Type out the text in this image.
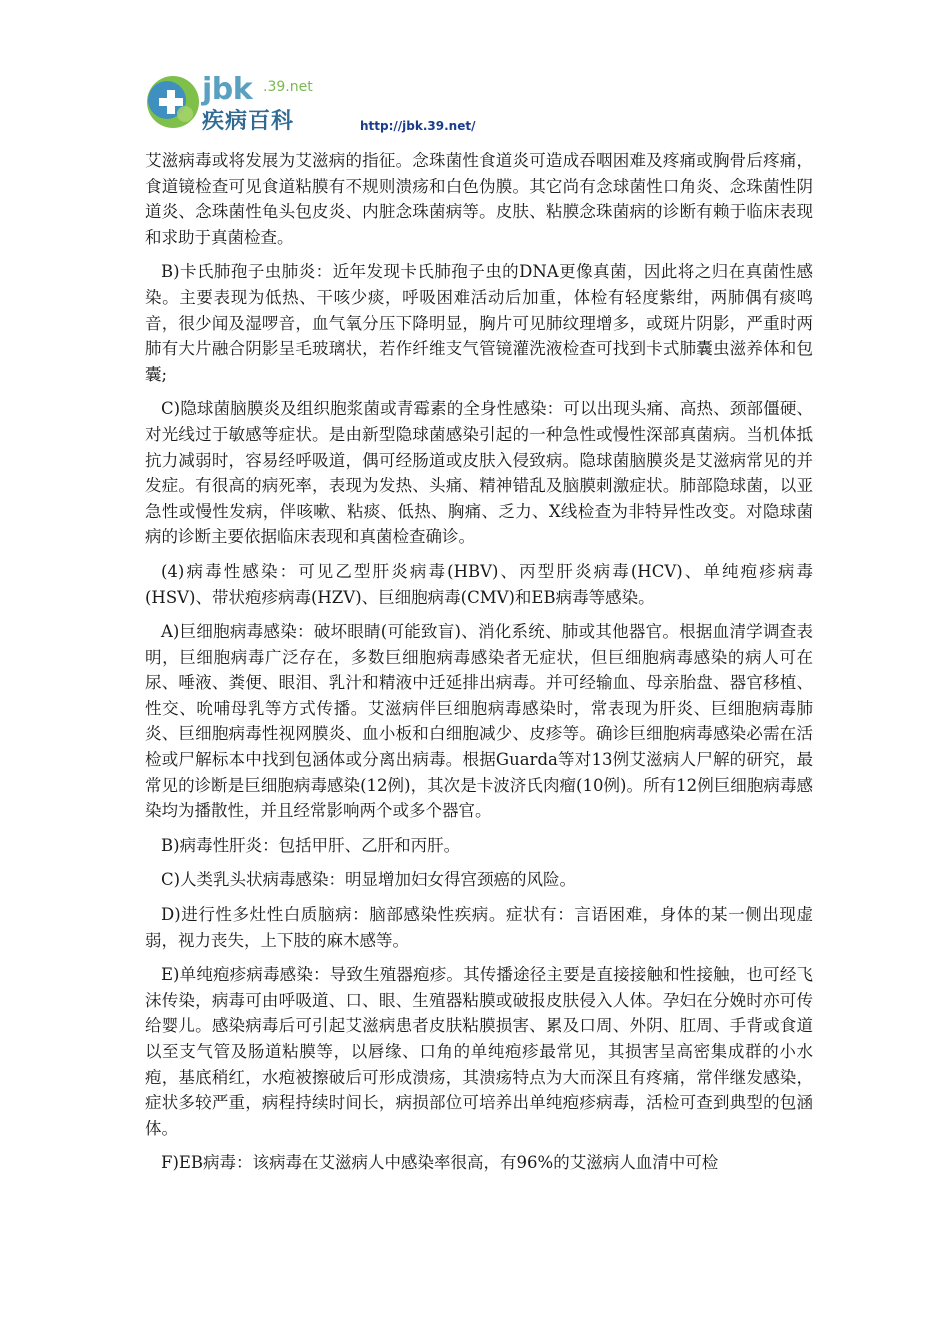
jbk .39.net
疾病百科	http://jbk.39.net/

艾滋病毒或将发展为艾滋病的指征。念珠菌性食道炎可造成吞咽困难及疼痛或胸骨后疼痛，食道镜检查可见食道粘膜有不规则溃疡和白色伪膜。其它尚有念球菌性口角炎、念珠菌性阴道炎、念珠菌性龟头包皮炎、内脏念珠菌病等。皮肤、粘膜念珠菌病的诊断有赖于临床表现和求助于真菌检查。

B)卡氏肺孢子虫肺炎：近年发现卡氏肺孢子虫的DNA更像真菌，因此将之归在真菌性感染。主要表现为低热、干咳少痰，呼吸困难活动后加重，体检有轻度紫绀，两肺偶有痰鸣音，很少闻及湿啰音，血气氧分压下降明显，胸片可见肺纹理增多，或斑片阴影，严重时两肺有大片融合阴影呈毛玻璃状，若作纤维支气管镜灌洗液检查可找到卡式肺囊虫滋养体和包囊;

C)隐球菌脑膜炎及组织胞浆菌或青霉素的全身性感染：可以出现头痛、高热、颈部僵硬、对光线过于敏感等症状。是由新型隐球菌感染引起的一种急性或慢性深部真菌病。当机体抵抗力减弱时，容易经呼吸道，偶可经肠道或皮肤入侵致病。隐球菌脑膜炎是艾滋病常见的并发症。有很高的病死率，表现为发热、头痛、精神错乱及脑膜刺激症状。肺部隐球菌，以亚急性或慢性发病，伴咳嗽、粘痰、低热、胸痛、乏力、X线检查为非特异性改变。对隐球菌病的诊断主要依据临床表现和真菌检查确诊。

(4)病毒性感染：可见乙型肝炎病毒(HBV)、丙型肝炎病毒(HCV)、单纯疱疹病毒(HSV)、带状疱疹病毒(HZV)、巨细胞病毒(CMV)和EB病毒等感染。

A)巨细胞病毒感染：破坏眼睛(可能致盲)、消化系统、肺或其他器官。根据血清学调查表明，巨细胞病毒广泛存在，多数巨细胞病毒感染者无症状，但巨细胞病毒感染的病人可在尿、唾液、粪便、眼泪、乳汁和精液中迁延排出病毒。并可经输血、母亲胎盘、器官移植、性交、吮哺母乳等方式传播。艾滋病伴巨细胞病毒感染时，常表现为肝炎、巨细胞病毒肺炎、巨细胞病毒性视网膜炎、血小板和白细胞减少、皮疹等。确诊巨细胞病毒感染必需在活检或尸解标本中找到包涵体或分离出病毒。根据Guarda等对13例艾滋病人尸解的研究，最常见的诊断是巨细胞病毒感染(12例)，其次是卡波济氏肉瘤(10例)。所有12例巨细胞病毒感染均为播散性，并且经常影响两个或多个器官。

B)病毒性肝炎：包括甲肝、乙肝和丙肝。

C)人类乳头状病毒感染：明显增加妇女得宫颈癌的风险。

D)进行性多灶性白质脑病：脑部感染性疾病。症状有：言语困难，身体的某一侧出现虚弱，视力丧失，上下肢的麻木感等。

E)单纯疱疹病毒感染：导致生殖器疱疹。其传播途径主要是直接接触和性接触，也可经飞沫传染，病毒可由呼吸道、口、眼、生殖器粘膜或破报皮肤侵入人体。孕妇在分娩时亦可传给婴儿。感染病毒后可引起艾滋病患者皮肤粘膜损害、累及口周、外阴、肛周、手背或食道以至支气管及肠道粘膜等，以唇缘、口角的单纯疱疹最常见，其损害呈高密集成群的小水疱，基底稍红，水疱被擦破后可形成溃疡，其溃疡特点为大而深且有疼痛，常伴继发感染，症状多较严重，病程持续时间长，病损部位可培养出单纯疱疹病毒，活检可查到典型的包涵体。

F)EB病毒：该病毒在艾滋病人中感染率很高，有96%的艾滋病人血清中可检
